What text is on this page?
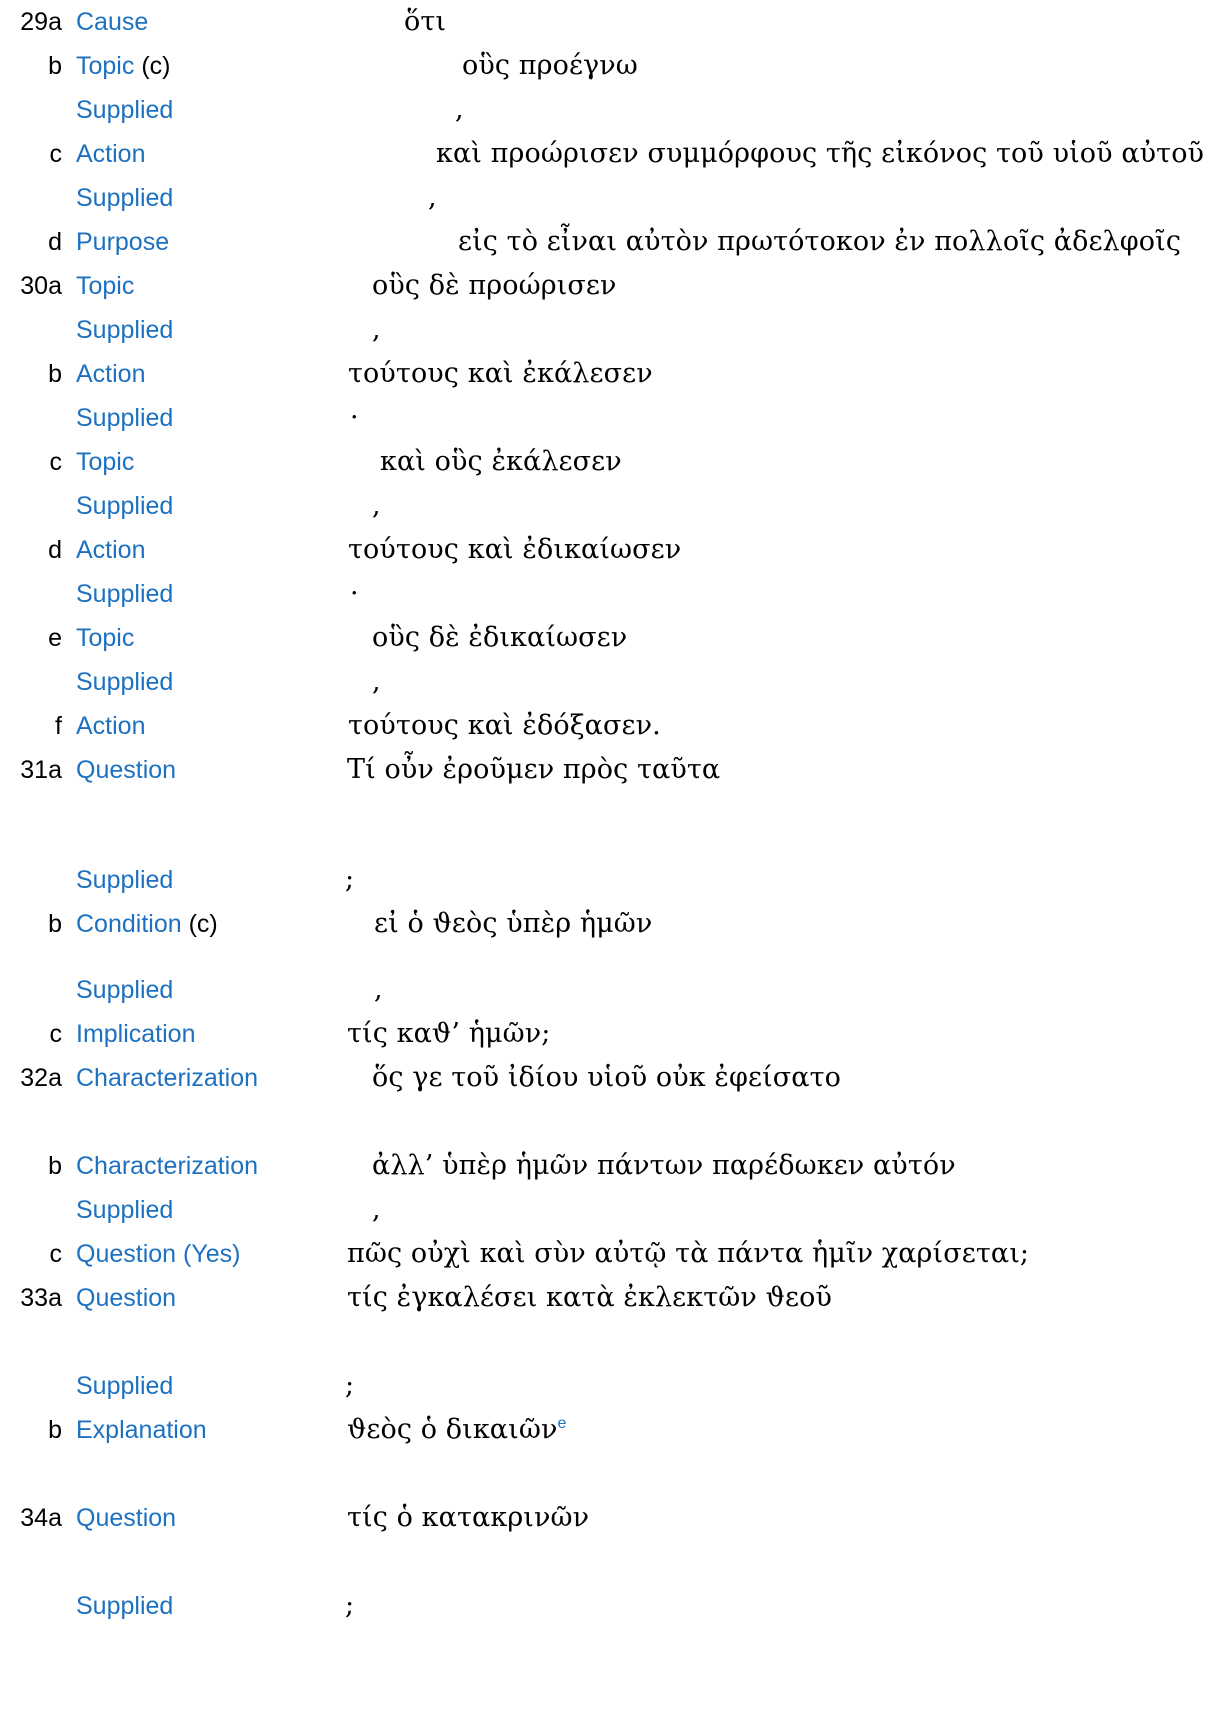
29a Cause	ὅτι
b Topic (c)	οὓς προέγνω
Supplied	,
c Action	καὶ προώρισεν συμμόρφους τῆς εἰκόνος τοῦ υἱοῦ αὐτοῦ
Supplied	,
d Purpose	εἰς τὸ εἶναι αὐτὸν πρωτότοκον ἐν πολλοῖς ἀδελφοῖς
30a Topic	οὓς δὲ προώρισεν
Supplied	,
b Action	τούτους καὶ ἐκάλεσεν
Supplied	·
c Topic	καὶ οὓς ἐκάλεσεν
Supplied	,
d Action	τούτους καὶ ἐδικαίωσεν
Supplied	·
e Topic	οὓς δὲ ἐδικαίωσεν
Supplied	,
f Action	τούτους καὶ ἐδόξασεν.
31a Question	Τί οὖν ἐροῦμεν πρὸς ταῦτα
Supplied	;
b Condition (c)	εἰ ὁ ϑεὸς ὑπὲρ ἡμῶν
Supplied	,
c Implication	τίς καϑ’ ἡμῶν;
32a Characterization	ὅς γε τοῦ ἰδίου υἱοῦ οὐκ ἐφείσατο
b Characterization	ἀλλ’ ὑπὲρ ἡμῶν πάντων παρέδωκεν αὐτόν
Supplied	,
c Question (Yes)	πῶς οὐχὶ καὶ σὺν αὐτῷ τὰ πάντα ἡμῖν χαρίσεται;
33a Question	τίς ἐγκαλέσει κατὰ ἐκλεκτῶν ϑεοῦ
Supplied	;
b Explanation	ϑεὸς ὁ δικαιῶν$^e$
34a Question	τίς ὁ κατακρινῶν
Supplied	;
